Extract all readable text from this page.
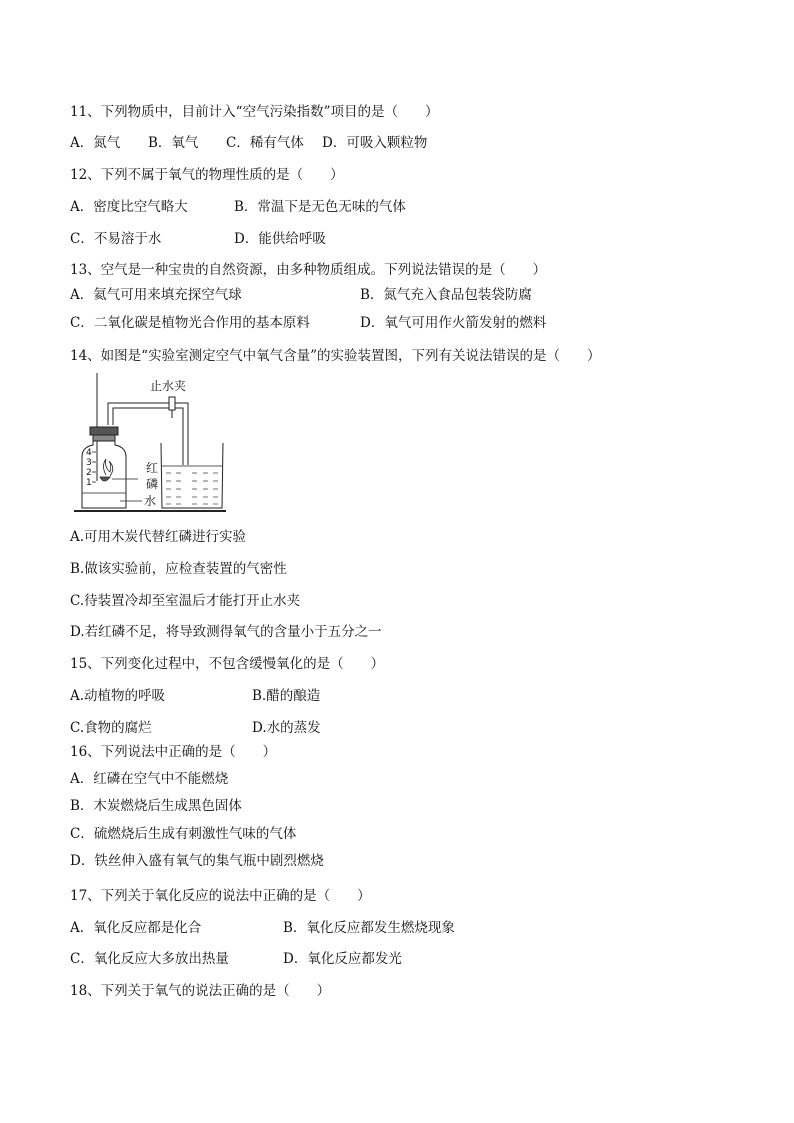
11、下列物质中，目前计入“空气污染指数”项目的是（　　）
A．氮气 B．氧气 C．稀有气体 D．可吸入颗粒物
12、下列不属于氧气的物理性质的是（　　）
A．密度比空气略大	B．常温下是无色无味的气体
C．不易溶于水	D．能供给呼吸
13、空气是一种宝贵的自然资源，由多种物质组成。下列说法错误的是（　　）
A．氦气可用来填充探空气球	B．氮气充入食品包装袋防腐
C．二氧化碳是植物光合作用的基本原料	D．氧气可用作火箭发射的燃料
14、如图是“实验室测定空气中氧气含量”的实验装置图，下列有关说法错误的是（　　）
止水夹
4
3
2
1
红
磷
水
A.可用木炭代替红磷进行实验
B.做该实验前，应检查装置的气密性
C.待装置冷却至室温后才能打开止水夹
D.若红磷不足，将导致测得氧气的含量小于五分之一
15、下列变化过程中，不包含缓慢氧化的是（　　）
A.动植物的呼吸	B.醋的酿造
C.食物的腐烂	D.水的蒸发
16、下列说法中正确的是（　　）
A．红磷在空气中不能燃烧
B．木炭燃烧后生成黑色固体
C．硫燃烧后生成有刺激性气味的气体
D．铁丝伸入盛有氧气的集气瓶中剧烈燃烧
17、下列关于氧化反应的说法中正确的是（　　）
A．氧化反应都是化合	B．氧化反应都发生燃烧现象
C．氧化反应大多放出热量	D．氧化反应都发光
18、下列关于氧气的说法正确的是（　　）
